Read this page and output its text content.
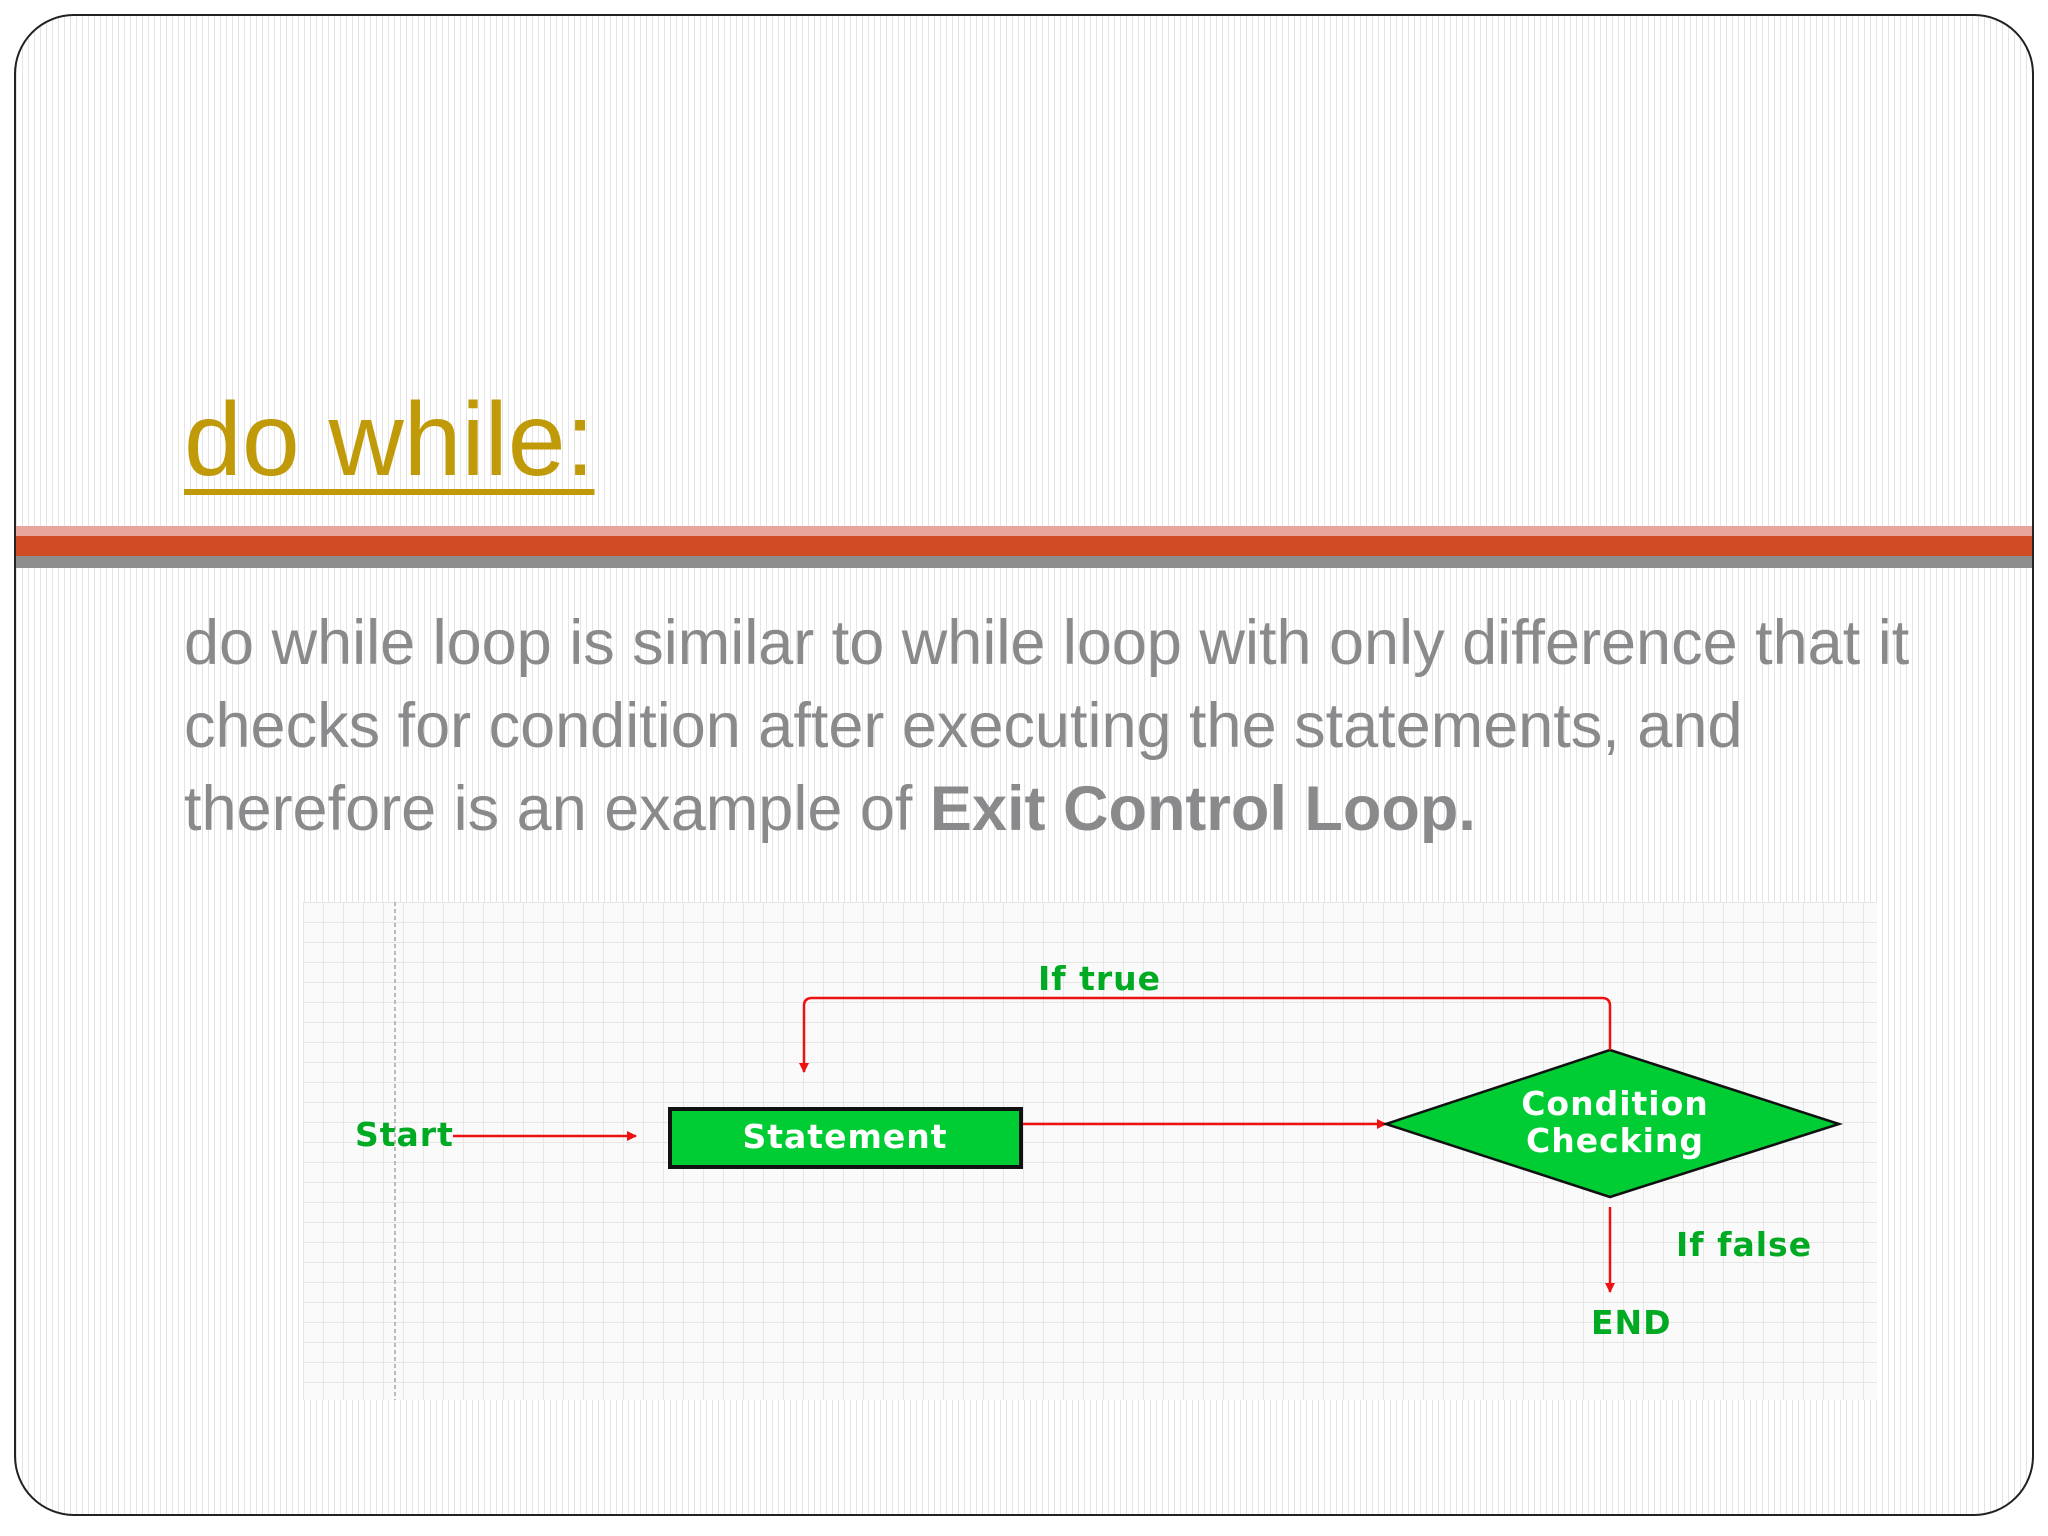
do while:

do while loop is similar to while loop with only difference that it checks for condition after executing the statements, and therefore is an example of Exit Control Loop.

Start	Statement
Condition
Checking
If true
If false
END
